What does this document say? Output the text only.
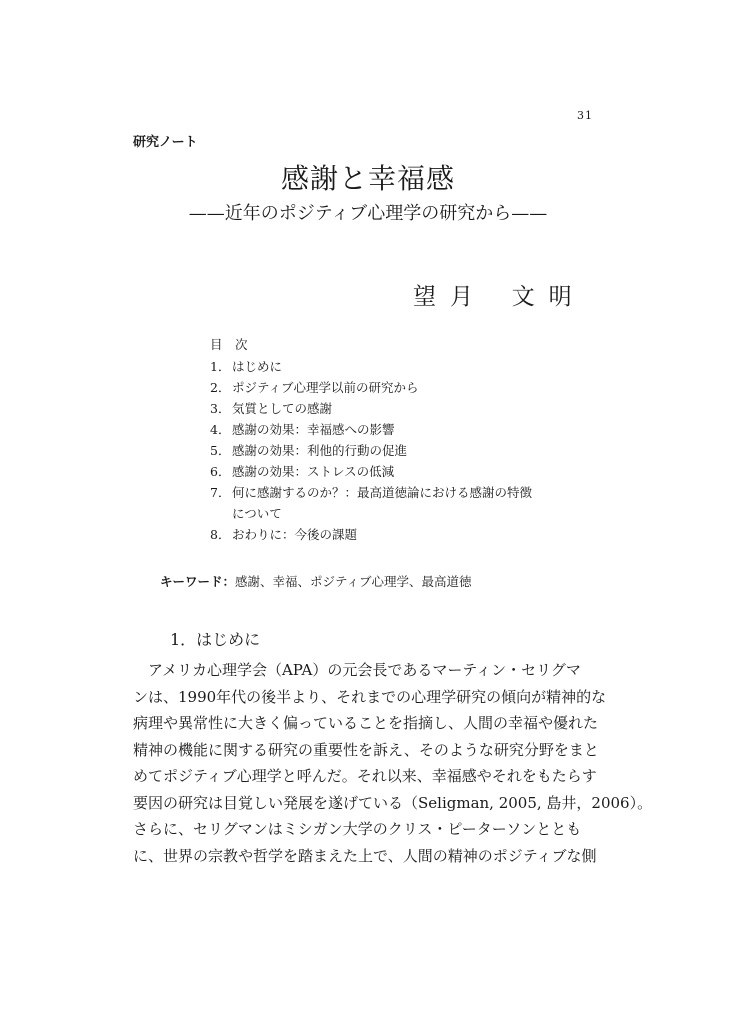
31
研究ノート
感謝と幸福感
——近年のポジティブ心理学の研究から——
望月 文明
目　次
1． はじめに
2． ポジティブ心理学以前の研究から
3． 気質としての感謝
4． 感謝の効果：幸福感への影響
5． 感謝の効果：利他的行動の促進
6． 感謝の効果：ストレスの低減
7． 何に感謝するのか？：最高道徳論における感謝の特徴について
8． おわりに：今後の課題
キーワード：感謝、幸福、ポジティブ心理学、最高道徳
1．はじめに
　アメリカ心理学会（APA）の元会長であるマーティン・セリグマ
ンは、1990年代の後半より、それまでの心理学研究の傾向が精神的な
病理や異常性に大きく偏っていることを指摘し、人間の幸福や優れた
精神の機能に関する研究の重要性を訴え、そのような研究分野をまと
めてポジティブ心理学と呼んだ。それ以来、幸福感やそれをもたらす
要因の研究は目覚しい発展を遂げている（Seligman, 2005, 島井，2006）。
さらに、セリグマンはミシガン大学のクリス・ピーターソンととも
に、世界の宗教や哲学を踏まえた上で、人間の精神のポジティブな側
